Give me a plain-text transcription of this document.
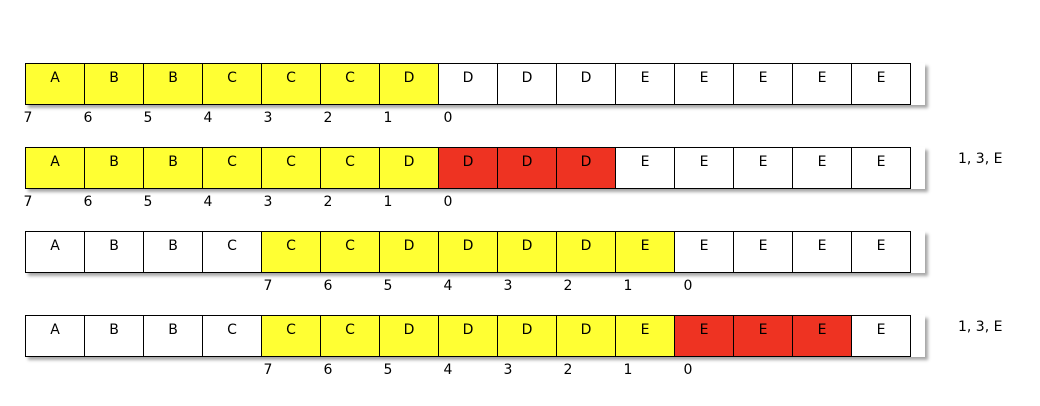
A	B	B	C	C	C	D	D	D	D	E	E	E	E	E
7	6	5	4	3	2	1	0
A	B	B	C	C	C	D	D	D	D	E	E	E	E	E
7	6	5	4	3	2	1	0
1, 3, E
A	B	B	C	C	C	D	D	D	D	E	E	E	E	E
7	6	5	4	3	2	1	0
A	B	B	C	C	C	D	D	D	D	E	E	E	E	E
7	6	5	4	3	2	1	0
1, 3, E
